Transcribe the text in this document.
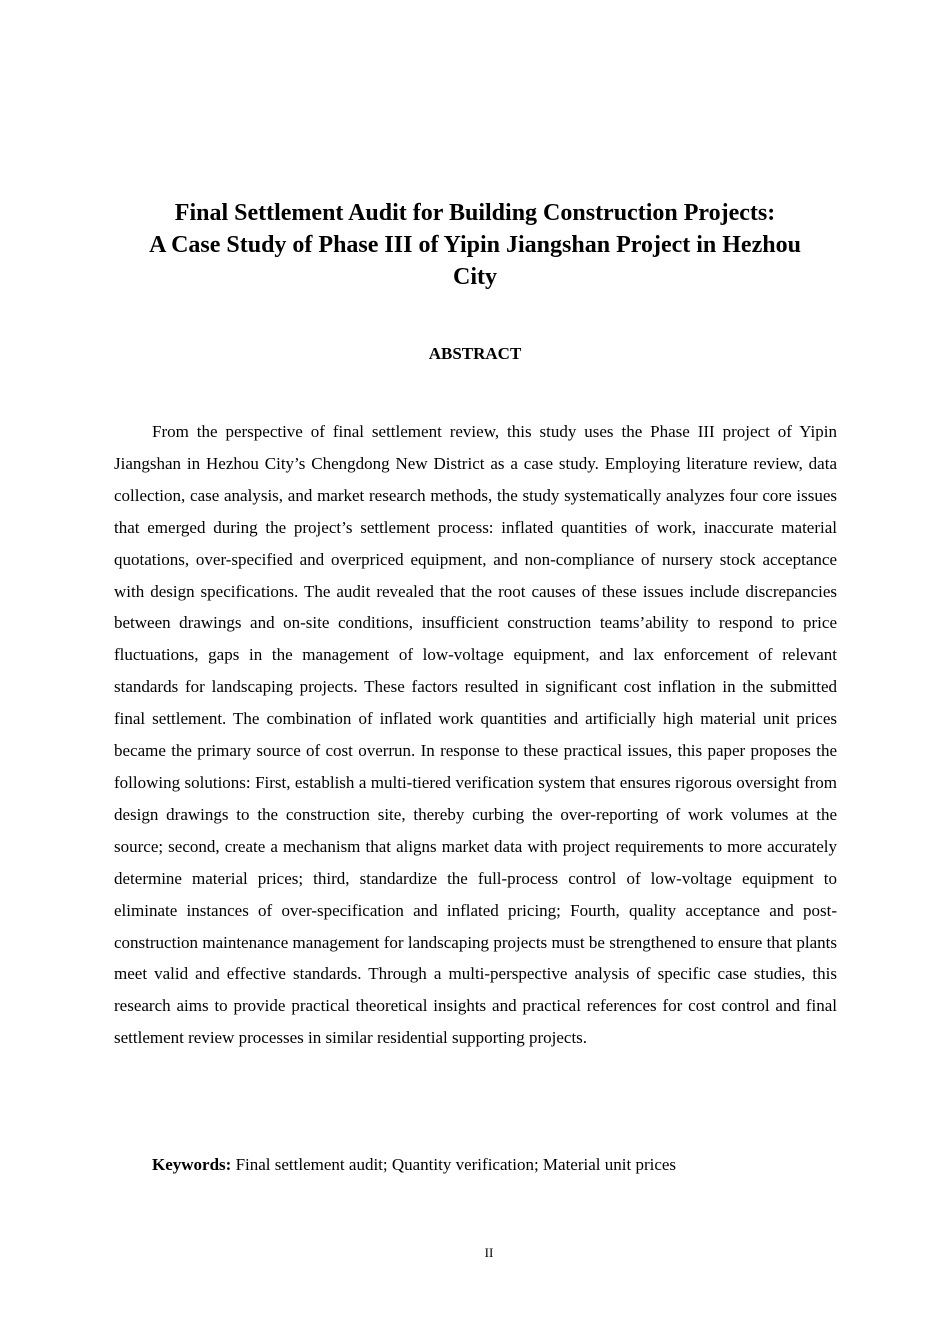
Final Settlement Audit for Building Construction Projects:
A Case Study of Phase III of Yipin Jiangshan Project in Hezhou
City
ABSTRACT

From the perspective of final settlement review, this study uses the Phase III project of Yipin Jiangshan in Hezhou City’s Chengdong New District as a case study. Employing literature review, data collection, case analysis, and market research methods, the study systematically analyzes four core issues that emerged during the project’s settlement process: inflated quantities of work, inaccurate material quotations, over-specified and overpriced equipment, and non-compliance of nursery stock acceptance with design specifications. The audit revealed that the root causes of these issues include discrepancies between drawings and on-site conditions, insufficient construction teams’ability to respond to price fluctuations, gaps in the management of low-voltage equipment, and lax enforcement of relevant standards for landscaping projects. These factors resulted in significant cost inflation in the submitted final settlement. The combination of inflated work quantities and artificially high material unit prices became the primary source of cost overrun. In response to these practical issues, this paper proposes the following solutions: First, establish a multi-tiered verification system that ensures rigorous oversight from design drawings to the construction site, thereby curbing the over-reporting of work volumes at the source; second, create a mechanism that aligns market data with project requirements to more accurately determine material prices; third, standardize the full-process control of low-voltage equipment to eliminate instances of over-specification and inflated pricing; Fourth, quality acceptance and post-construction maintenance management for landscaping projects must be strengthened to ensure that plants meet valid and effective standards. Through a multi-perspective analysis of specific case studies, this research aims to provide practical theoretical insights and practical references for cost control and final settlement review processes in similar residential supporting projects.

Keywords: Final settlement audit; Quantity verification; Material unit prices

II
